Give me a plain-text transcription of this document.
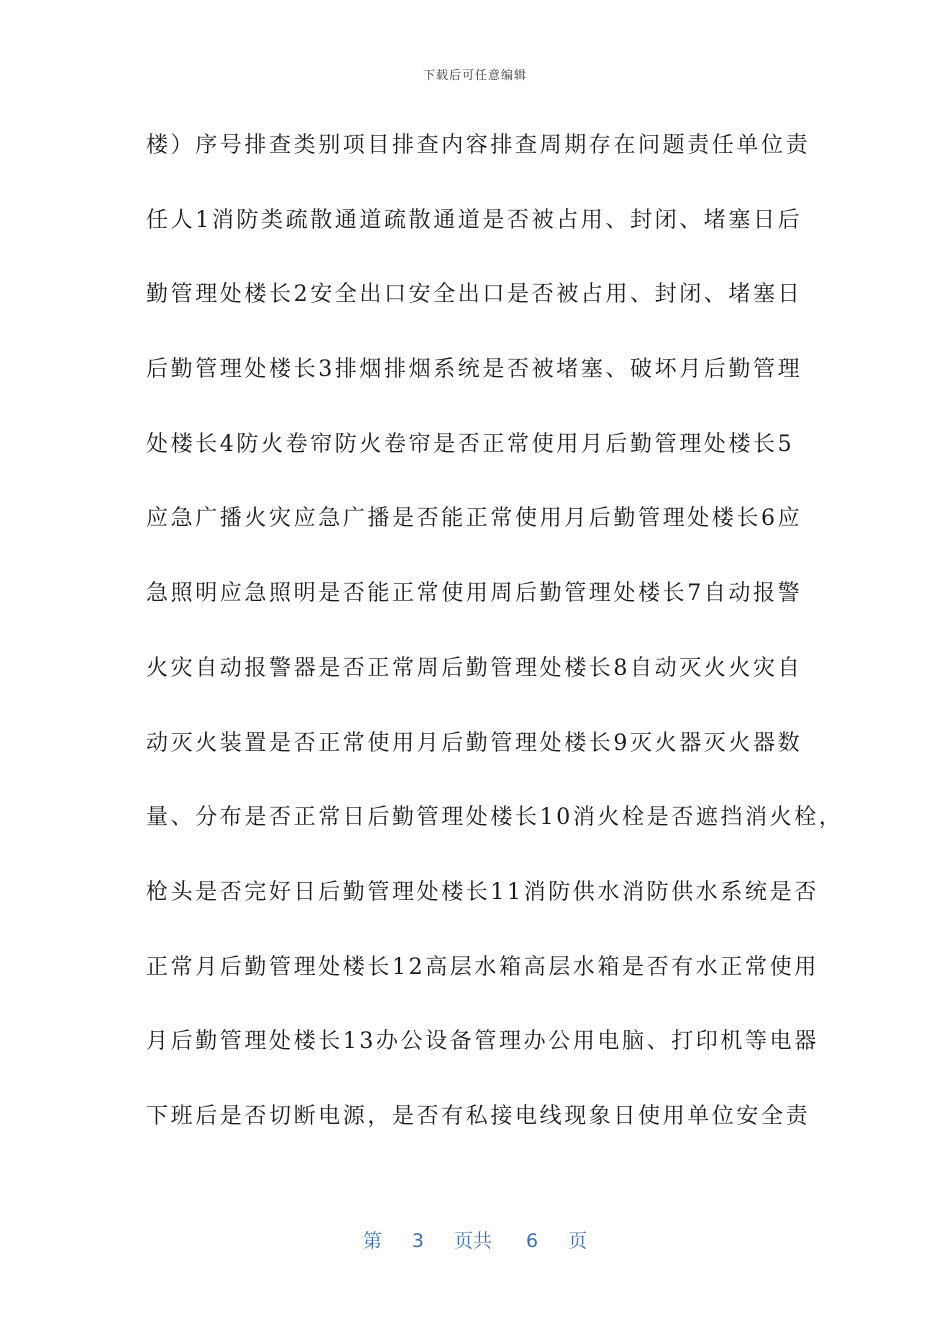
下载后可任意编辑
楼）序号排查类别项目排查内容排查周期存在问题责任单位责
任人1消防类疏散通道疏散通道是否被占用、封闭、堵塞日后
勤管理处楼长2安全出口安全出口是否被占用、封闭、堵塞日
后勤管理处楼长3排烟排烟系统是否被堵塞、破坏月后勤管理
处楼长4防火卷帘防火卷帘是否正常使用月后勤管理处楼长5
应急广播火灾应急广播是否能正常使用月后勤管理处楼长6应
急照明应急照明是否能正常使用周后勤管理处楼长7自动报警
火灾自动报警器是否正常周后勤管理处楼长8自动灭火火灾自
动灭火装置是否正常使用月后勤管理处楼长9灭火器灭火器数
量、分布是否正常日后勤管理处楼长10消火栓是否遮挡消火栓，
枪头是否完好日后勤管理处楼长11消防供水消防供水系统是否
正常月后勤管理处楼长12高层水箱高层水箱是否有水正常使用
月后勤管理处楼长13办公设备管理办公用电脑、打印机等电器
下班后是否切断电源，是否有私接电线现象日使用单位安全责
第 3 页共 6 页
